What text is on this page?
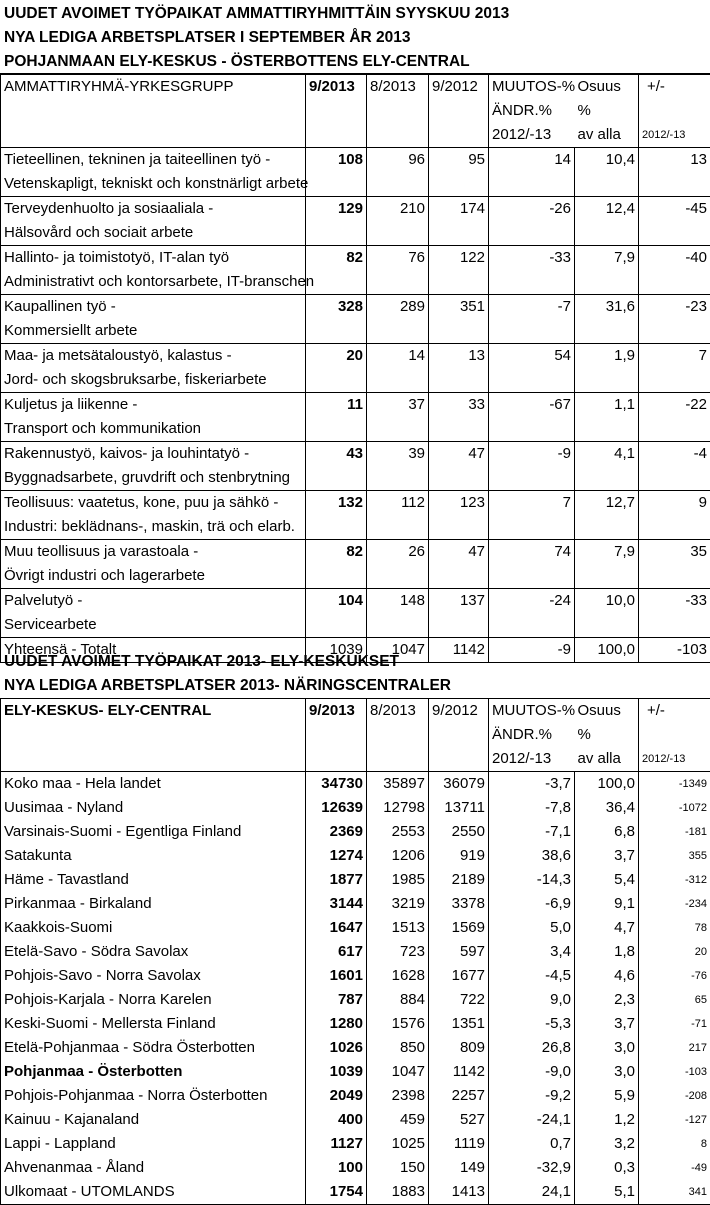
UUDET AVOIMET TYÖPAIKAT AMMATTIRYHMITTÄIN SYYSKUU 2013
NYA LEDIGA ARBETSPLATSER I SEPTEMBER ÅR 2013
POHJANMAAN ELY-KESKUS - ÖSTERBOTTENS ELY-CENTRAL
AMMATTIRYHMÄ-YRKESGRUPP	9/2013	8/2013	9/2012	MUUTOS-%	Osuus	+/-
				ÄNDR.%	%	
				2012/-13	av alla	2012/-13
Tieteellinen, tekninen ja taiteellinen työ -	108	96	95	14	10,4	13
Vetenskapligt, tekniskt och konstnärligt arbete						
Terveydenhuolto ja sosiaaliala -	129	210	174	-26	12,4	-45
Hälsovård och sociait arbete						
Hallinto- ja toimistotyö, IT-alan työ	82	76	122	-33	7,9	-40
Administrativt och kontorsarbete, IT-branschen						
Kaupallinen työ -	328	289	351	-7	31,6	-23
Kommersiellt arbete						
Maa- ja metsätaloustyö, kalastus -	20	14	13	54	1,9	7
Jord- och skogsbruksarbe, fiskeriarbete						
Kuljetus ja liikenne -	11	37	33	-67	1,1	-22
Transport och kommunikation						
Rakennustyö, kaivos- ja louhintatyö -	43	39	47	-9	4,1	-4
Byggnadsarbete, gruvdrift och stenbrytning						
Teollisuus: vaatetus, kone, puu ja sähkö -	132	112	123	7	12,7	9
Industri: beklädnans-, maskin, trä och elarb.						
Muu teollisuus ja varastoala -	82	26	47	74	7,9	35
Övrigt industri och lagerarbete						
Palvelutyö -	104	148	137	-24	10,0	-33
Servicearbete						
Yhteensä - Totalt	1039	1047	1142	-9	100,0	-103
UUDET AVOIMET TYÖPAIKAT 2013- ELY-KESKUKSET
NYA LEDIGA ARBETSPLATSER 2013- NÄRINGSCENTRALER
ELY-KESKUS- ELY-CENTRAL	9/2013	8/2013	9/2012	MUUTOS-%	Osuus	+/-
				ÄNDR.%	%	
				2012/-13	av alla	2012/-13
Koko maa - Hela landet	34730	35897	36079	-3,7	100,0	-1349
Uusimaa - Nyland	12639	12798	13711	-7,8	36,4	-1072
Varsinais-Suomi - Egentliga Finland	2369	2553	2550	-7,1	6,8	-181
Satakunta	1274	1206	919	38,6	3,7	355
Häme - Tavastland	1877	1985	2189	-14,3	5,4	-312
Pirkanmaa - Birkaland	3144	3219	3378	-6,9	9,1	-234
Kaakkois-Suomi	1647	1513	1569	5,0	4,7	78
Etelä-Savo - Södra Savolax	617	723	597	3,4	1,8	20
Pohjois-Savo - Norra Savolax	1601	1628	1677	-4,5	4,6	-76
Pohjois-Karjala - Norra Karelen	787	884	722	9,0	2,3	65
Keski-Suomi - Mellersta Finland	1280	1576	1351	-5,3	3,7	-71
Etelä-Pohjanmaa - Södra Österbotten	1026	850	809	26,8	3,0	217
Pohjanmaa - Österbotten	1039	1047	1142	-9,0	3,0	-103
Pohjois-Pohjanmaa - Norra Österbotten	2049	2398	2257	-9,2	5,9	-208
Kainuu - Kajanaland	400	459	527	-24,1	1,2	-127
Lappi - Lappland	1127	1025	1119	0,7	3,2	8
Ahvenanmaa - Åland	100	150	149	-32,9	0,3	-49
Ulkomaat - UTOMLANDS	1754	1883	1413	24,1	5,1	341
